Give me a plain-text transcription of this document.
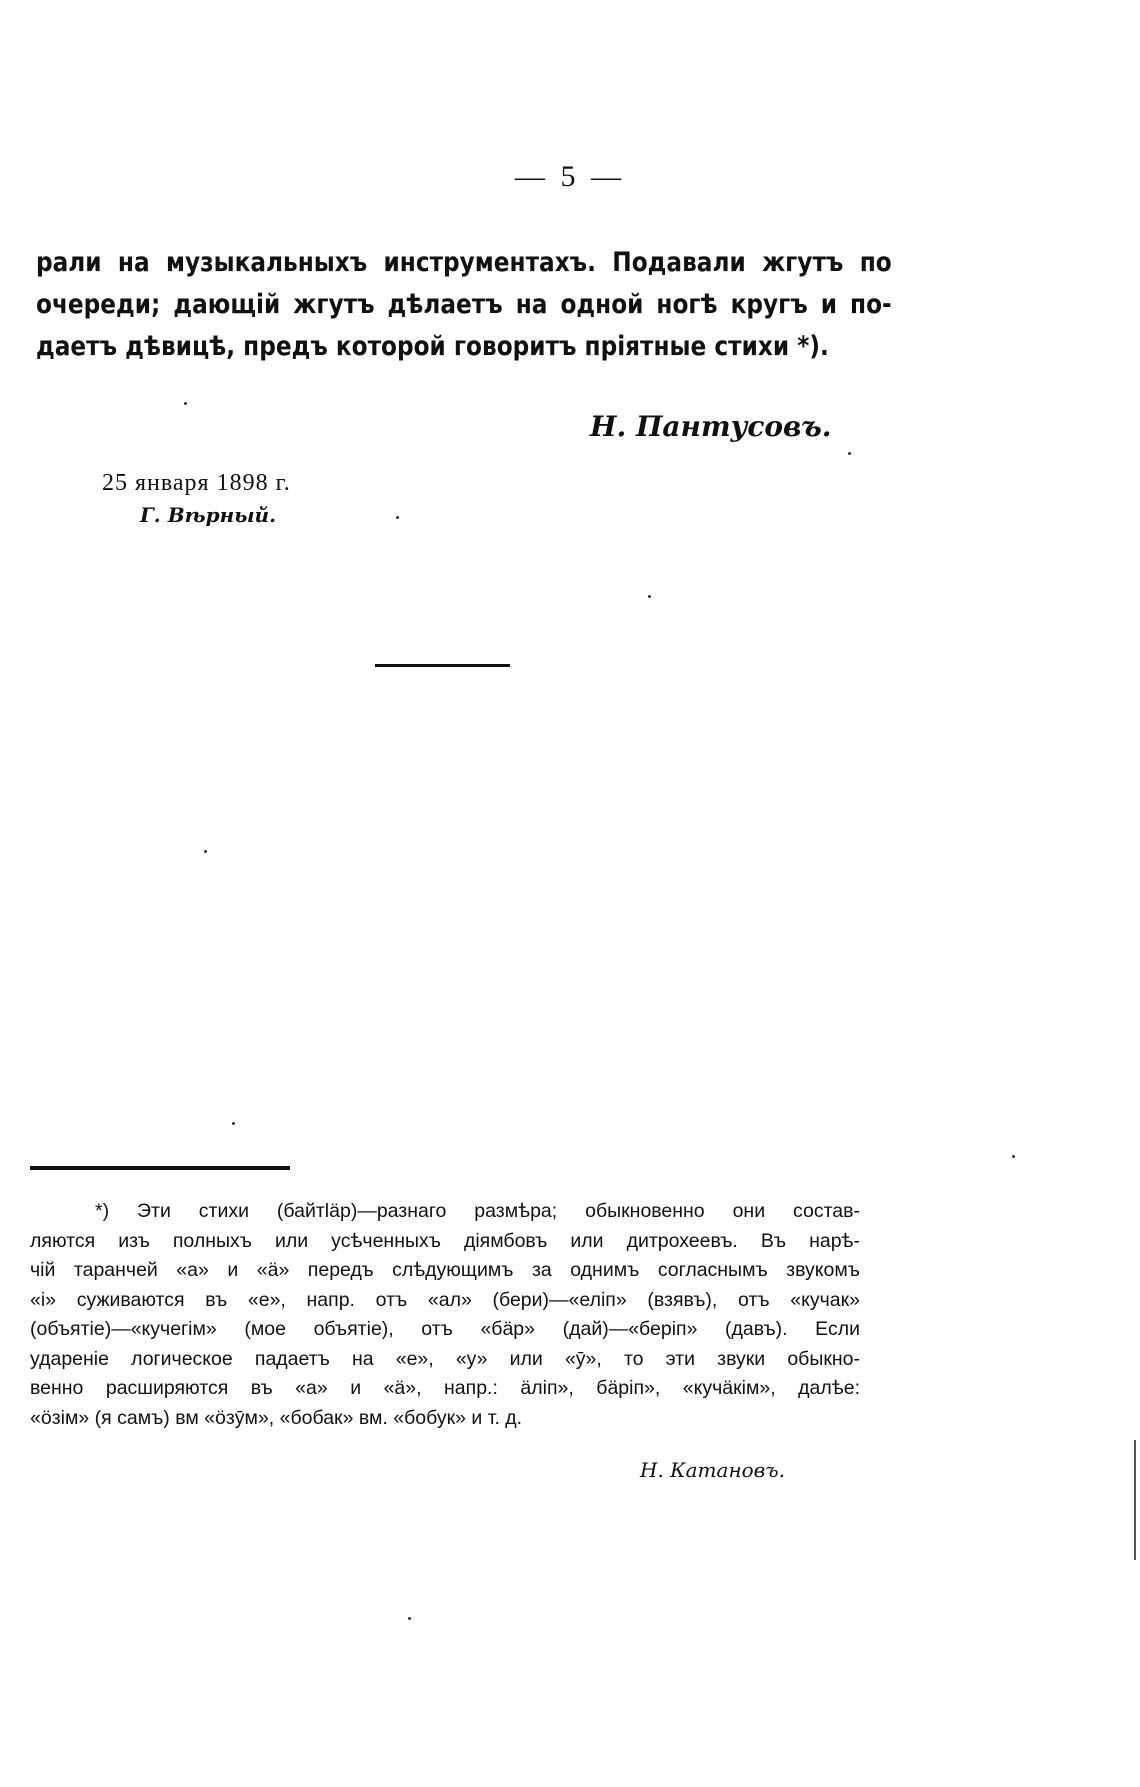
— 5 —
рали на музыкальныхъ инструментахъ. Подавали жгутъ по
очереди; дающій жгутъ дѣлаетъ на одной ногѣ кругъ и по-
даетъ дѣвицѣ, предъ которой говоритъ пріятные стихи *).
Н. Пантусовъ.
25 января 1898 г.
Г. Вѣрный.
*) Эти стихи (байтlӓр)—разнаго размѣра; обыкновенно они состав-
ляются изъ полныхъ или усѣченныхъ діямбовъ или дитрохеевъ. Въ нарѣ-
чій таранчей «а» и «ӓ» передъ слѣдующимъ за однимъ согласнымъ звукомъ
«і» суживаются въ «е», напр. отъ «ал» (бери)—«еліп» (взявъ), отъ «кучак»
(объятіе)—«кучегім» (мое объятіе), отъ «бӓр» (дай)—«берiп» (давъ). Если
удареніе логическое падаетъ на «е», «у» или «ӯ», то эти звуки обыкно-
венно расширяются въ «а» и «ӓ», напр.: ӓліп», бӓріп», «кучӓкім», далѣе:
«ӧзім» (я самъ) вм «ӧзӯм», «бобак» вм. «бобук» и т. д.
Н. Катановъ.
